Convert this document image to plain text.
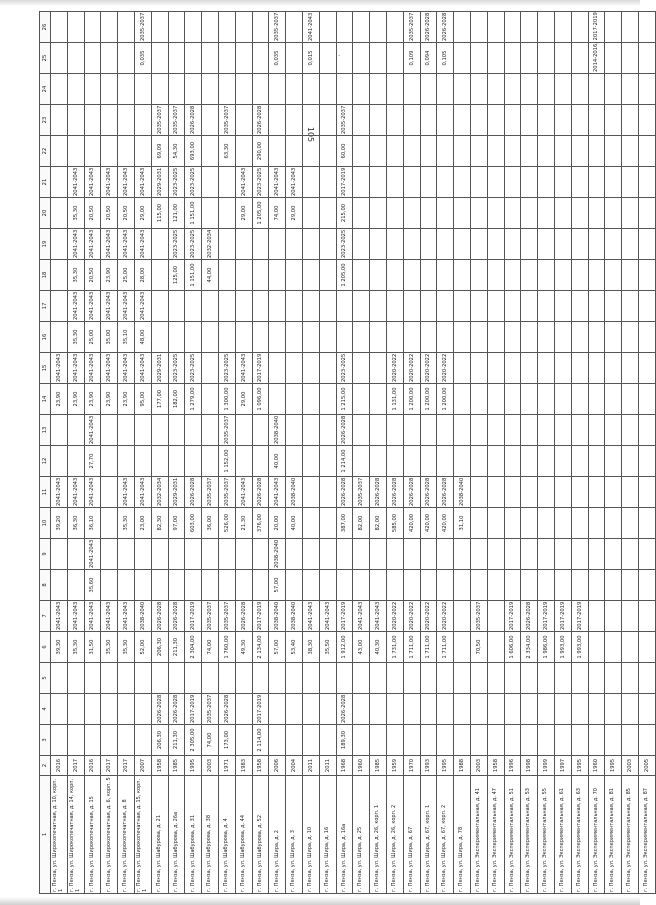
·
105
1	2	3	4	5	6	7	8	9	10	11	12	13	14	15	16	17	18	19	20	21	22	23	24	25	26
г. Пенза, ул. Широкопечатная, д. 10, корп. 1	2016				39,30	2041-2043			39,20	2041-2043			23,90	2041-2043											
г. Пенза, ул. Широкопечатная, д. 14, корп. 1	2017				35,30	2041-2043			36,30	2041-2043			23,90	2041-2043	35,30	2041-2043	35,30	2041-2043	35,30	2041-2043					
г. Пенза, ул. Широкопечатная, д. 15	2016				31,50	2041-2043	35,60	2041-2043	36,10	2041-2043	27,70	2041-2043	23,90	2041-2043	25,00	2041-2043	20,50	2041-2043	20,50	2041-2043					
г. Пенза, ул. Широкопечатная, д. 6, корп. 5	2017				35,30	2041-2043							23,90	2041-2043	35,00	2041-2043	23,90	2041-2043	20,50	2041-2043					
г. Пенза, ул. Широкопечатная, д. 8	2017				35,30	2041-2043			35,30	2041-2043			23,90	2041-2043	35,10	2041-2043	25,00	2041-2043	20,50	2041-2043					
г. Пенза, ул. Широкопечатная, д. 15, корп. 1	2007				52,00	2038-2040			23,00	2041-2043			95,00	2041-2043	48,00	2041-2043	28,00	2041-2043	29,00	2041-2043				0,035	2035-2037
г. Пенза, ул. Шабурова, д. 21	1958	206,30	2026-2028		206,30	2026-2028			82,30	2032-2034			177,00	2029-2031					115,00	2029-2031	69,09	2035-2037			
г. Пенза, ул. Шабурова, д. 26а	1985	211,30	2026-2028		211,30	2026-2028			97,00	2029-2031			182,00	2023-2025			125,00	2023-2025	121,00	2023-2025	54,30	2035-2037			
г. Пенза, ул. Шабурова, д. 31	1995	2 305,00	2017-2019		2 304,00	2017-2019			603,00	2026-2028			1 279,00	2023-2025			1 151,00	2023-2025	1 151,00	2023-2025	693,00	2026-2028			
г. Пенза, ул. Шабурова, д. 38	2003	74,00	2035-2037		74,00	2035-2037			36,00	2035-2037							44,00	2032-2034							
г. Пенза, ул. Шабурова, д. 4	1971	173,00	2026-2028		1 760,00	2035-2037			526,00	2035-2037	1 152,00	2035-2037	1 300,00	2023-2025							63,30	2035-2037			
г. Пенза, ул. Шабурова, д. 44	1983				49,30	2026-2028			21,30	2041-2043			29,00	2041-2043					29,00	2041-2043					
г. Пенза, ул. Шабурова, д. 52	1958	2 114,00	2017-2019		2 134,00	2017-2019			376,00	2026-2028			1 096,00	2017-2019					1 205,00	2023-2025	290,00	2026-2028			
г. Пенза, ул. Шира, д. 2	2006				57,00	2038-2040	57,00	2038-2040	20,00	2041-2043	40,00	2038-2040							74,00	2041-2043				0,035	2035-2037
г. Пенза, ул. Шира, д. 3	2004				53,40	2038-2040			40,00	2038-2040									29,00	2041-2043					
г. Пенза, ул. Шира, д. 10	2011				38,30	2041-2043																		0,015	2041-2043
г. Пенза, ул. Шира, д. 16	2011				35,50	2041-2043																			
г. Пенза, ул. Шира, д. 16а	1968	189,30	2026-2028		1 912,00	2017-2019			387,00	2026-2028	1 214,00	2026-2028	1 215,00	2023-2025			1 205,00	2023-2025	215,00	2017-2019	60,00	2035-2037			
г. Пенза, ул. Шира, д. 25	1960				43,00	2041-2043			82,00	2035-2037															
г. Пенза, ул. Шира, д. 26, корп. 1	1985				40,30	2041-2043			82,00	2026-2028															
г. Пенза, ул. Шира, д. 26, корп. 2	1959				1 731,00	2020-2022			585,00	2026-2028			1 131,00	2020-2022											
г. Пенза, ул. Шира, д. 67	1970				1 711,00	2020-2022			420,00	2026-2028			1 200,00	2020-2022										0,109	2035-2037
г. Пенза, ул. Шира, д. 67, корп. 1	1993				1 711,00	2020-2022			420,00	2026-2028			1 200,00	2020-2022										0,094	2026-2028
г. Пенза, ул. Шира, д. 67, корп. 2	1995				1 711,00	2020-2022			420,00	2026-2028			1 200,00	2020-2022										0,105	2026-2028
г. Пенза, ул. Шира, д. 78	1988								31,10	2038-2040															
г. Пенза, ул. Экспериментальная, д. 41	2003				70,50	2035-2037																			
г. Пенза, ул. Экспериментальная, д. 47	1958																								
г. Пенза, ул. Экспериментальная, д. 51	1996				1 606,00	2017-2019																			
г. Пенза, ул. Экспериментальная, д. 53	1998				2 334,00	2026-2028																			
г. Пенза, ул. Экспериментальная, д. 55	1999				1 986,00	2017-2019																			
г. Пенза, ул. Экспериментальная, д. 61	1997				1 993,00	2017-2019																			
г. Пенза, ул. Экспериментальная, д. 63	1995				1 993,00	2017-2019																			
г. Пенза, ул. Экспериментальная, д. 70	1960																							2014-2016, 2017-2019	
г. Пенза, ул. Экспериментальная, д. 81	1995																								
г. Пенза, ул. Экспериментальная, д. 85	2003																								
г. Пенза, ул. Экспериментальная, д. 87	2005																								
